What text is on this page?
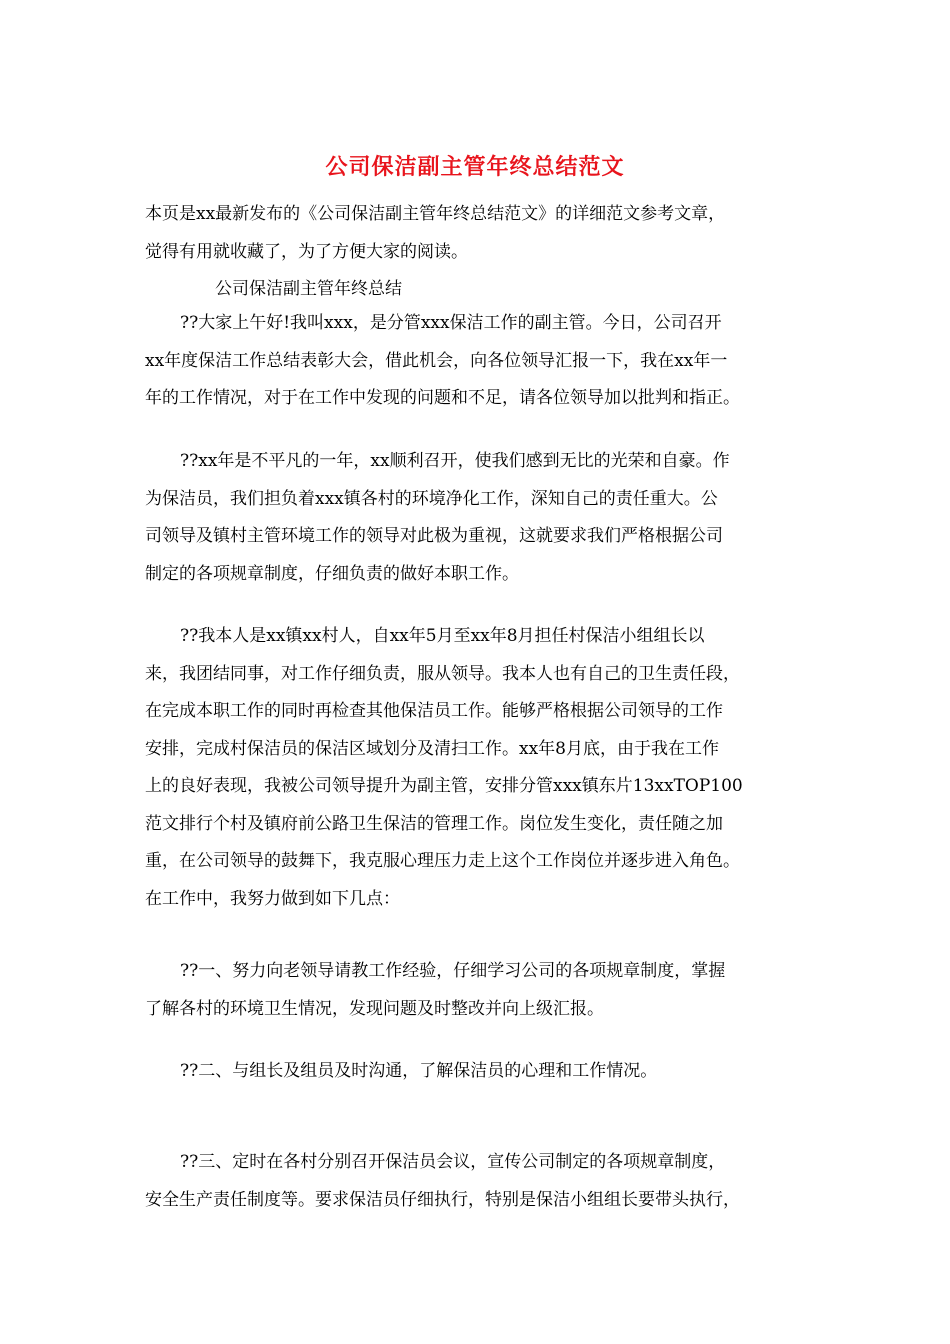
公司保洁副主管年终总结范文
本页是xx最新发布的《公司保洁副主管年终总结范文》的详细范文参考文章，
觉得有用就收藏了，为了方便大家的阅读。
公司保洁副主管年终总结
??大家上午好!我叫xxx，是分管xxx保洁工作的副主管。今日，公司召开
xx年度保洁工作总结表彰大会，借此机会，向各位领导汇报一下，我在xx年一
年的工作情况，对于在工作中发现的问题和不足，请各位领导加以批判和指正。
??xx年是不平凡的一年，xx顺利召开，使我们感到无比的光荣和自豪。作
为保洁员，我们担负着xxx镇各村的环境净化工作，深知自己的责任重大。公
司领导及镇村主管环境工作的领导对此极为重视，这就要求我们严格根据公司
制定的各项规章制度，仔细负责的做好本职工作。
??我本人是xx镇xx村人，自xx年5月至xx年8月担任村保洁小组组长以
来，我团结同事，对工作仔细负责，服从领导。我本人也有自己的卫生责任段，
在完成本职工作的同时再检查其他保洁员工作。能够严格根据公司领导的工作
安排，完成村保洁员的保洁区域划分及清扫工作。xx年8月底，由于我在工作
上的良好表现，我被公司领导提升为副主管，安排分管xxx镇东片13xxTOP100
范文排行个村及镇府前公路卫生保洁的管理工作。岗位发生变化，责任随之加
重，在公司领导的鼓舞下，我克服心理压力走上这个工作岗位并逐步进入角色。
在工作中，我努力做到如下几点：
??一、努力向老领导请教工作经验，仔细学习公司的各项规章制度，掌握
了解各村的环境卫生情况，发现问题及时整改并向上级汇报。
??二、与组长及组员及时沟通，了解保洁员的心理和工作情况。
??三、定时在各村分别召开保洁员会议，宣传公司制定的各项规章制度，
安全生产责任制度等。要求保洁员仔细执行，特别是保洁小组组长要带头执行，
